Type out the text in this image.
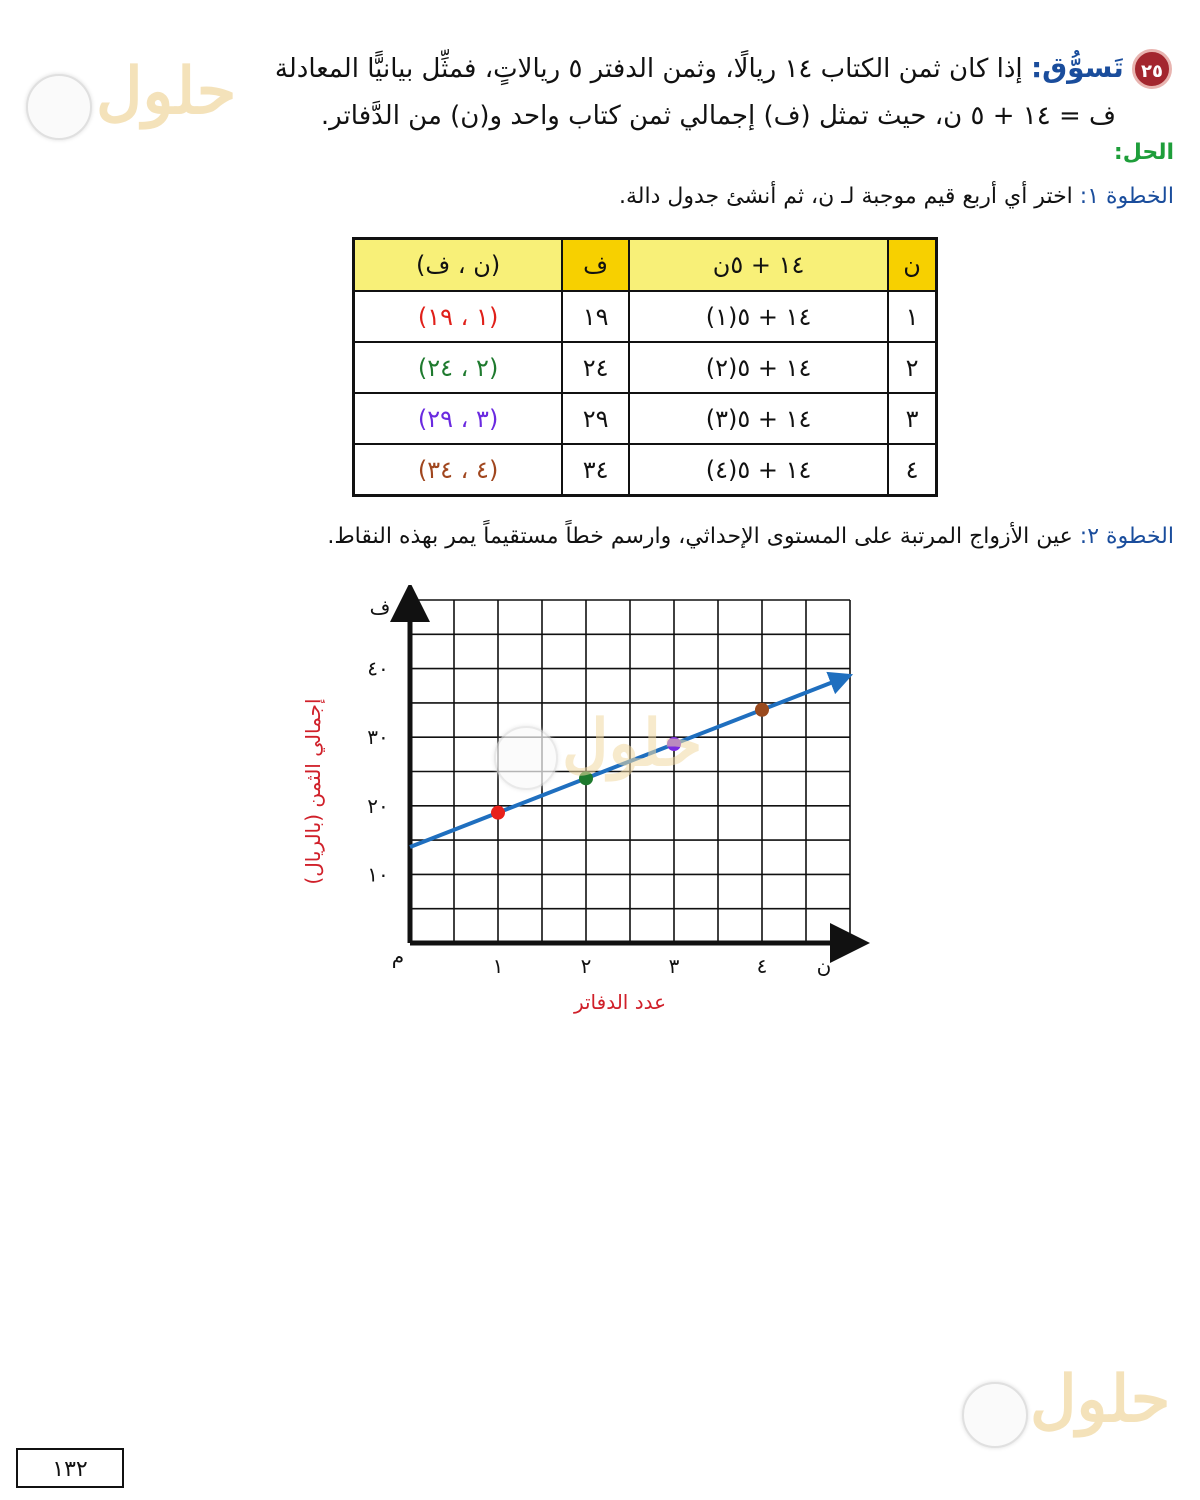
٢٥ تَسوُّق: إذا كان ثمن الكتاب ١٤ ريالًا، وثمن الدفتر ٥ ريالاتٍ، فمثِّل بيانيًّا المعادلة
ف = ١٤ + ٥ ن، حيث تمثل (ف) إجمالي ثمن كتاب واحد و(ن) من الدَّفاتر.
الحل:
الخطوة ١: اختر أي أربع قيم موجبة لـ ن، ثم أنشئ جدول دالة.
ن	١٤ + ٥ن	ف	(ن ، ف)
١	١٤ + ٥(١)	١٩	(١ ، ١٩)
٢	١٤ + ٥(٢)	٢٤	(٢ ، ٢٤)
٣	١٤ + ٥(٣)	٢٩	(٣ ، ٢٩)
٤	١٤ + ٥(٤)	٣٤	(٤ ، ٣٤)
الخطوة ٢: عين الأزواج المرتبة على المستوى الإحداثي، وارسم خطاً مستقيماً يمر بهذه النقاط.
١	٢	٣	٤
١٠
٢٠
٣٠
٤٠
م	ن
ف
عدد الدفاتر
إجمالي الثمن (بالريال)
حلول
حلول
حلول
١٣٢
